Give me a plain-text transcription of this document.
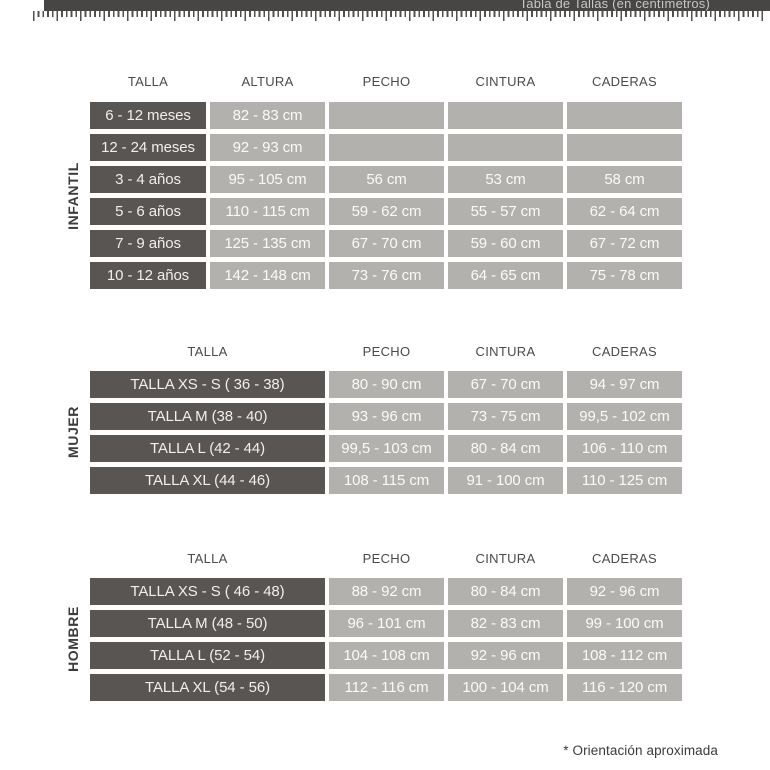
Tabla de Tallas (en centímetros)
INFANTIL
MUJER
HOMBRE
TALLA	ALTURA	PECHO	CINTURA	CADERAS
6 - 12 meses	82 - 83 cm
12 - 24 meses	92 - 93 cm
3 - 4 años	95 - 105 cm	56 cm	53 cm	58 cm
5 - 6 años	110 - 115 cm	59 - 62 cm	55 - 57 cm	62 - 64 cm
7 - 9 años	125 - 135 cm	67 - 70 cm	59 - 60 cm	67 - 72 cm
10 - 12 años	142 - 148 cm	73 - 76 cm	64 - 65 cm	75 - 78 cm
TALLA	PECHO	CINTURA	CADERAS
TALLA XS - S ( 36 - 38)	80 - 90 cm	67 - 70 cm	94 - 97 cm
TALLA M (38 - 40)	93 - 96 cm	73 - 75 cm	99,5 - 102 cm
TALLA L (42 - 44)	99,5 - 103 cm	80 - 84 cm	106 - 110 cm
TALLA XL (44 - 46)	108 - 115 cm	91 - 100 cm	110 - 125 cm
TALLA	PECHO	CINTURA	CADERAS
TALLA XS - S ( 46 - 48)	88 - 92 cm	80 - 84 cm	92 - 96 cm
TALLA M (48 - 50)	96 - 101 cm	82 - 83 cm	99 - 100 cm
TALLA L (52 - 54)	104 - 108 cm	92 - 96 cm	108 - 112 cm
TALLA XL (54 - 56)	112 - 116 cm	100 - 104 cm	116 - 120 cm
* Orientación aproximada
